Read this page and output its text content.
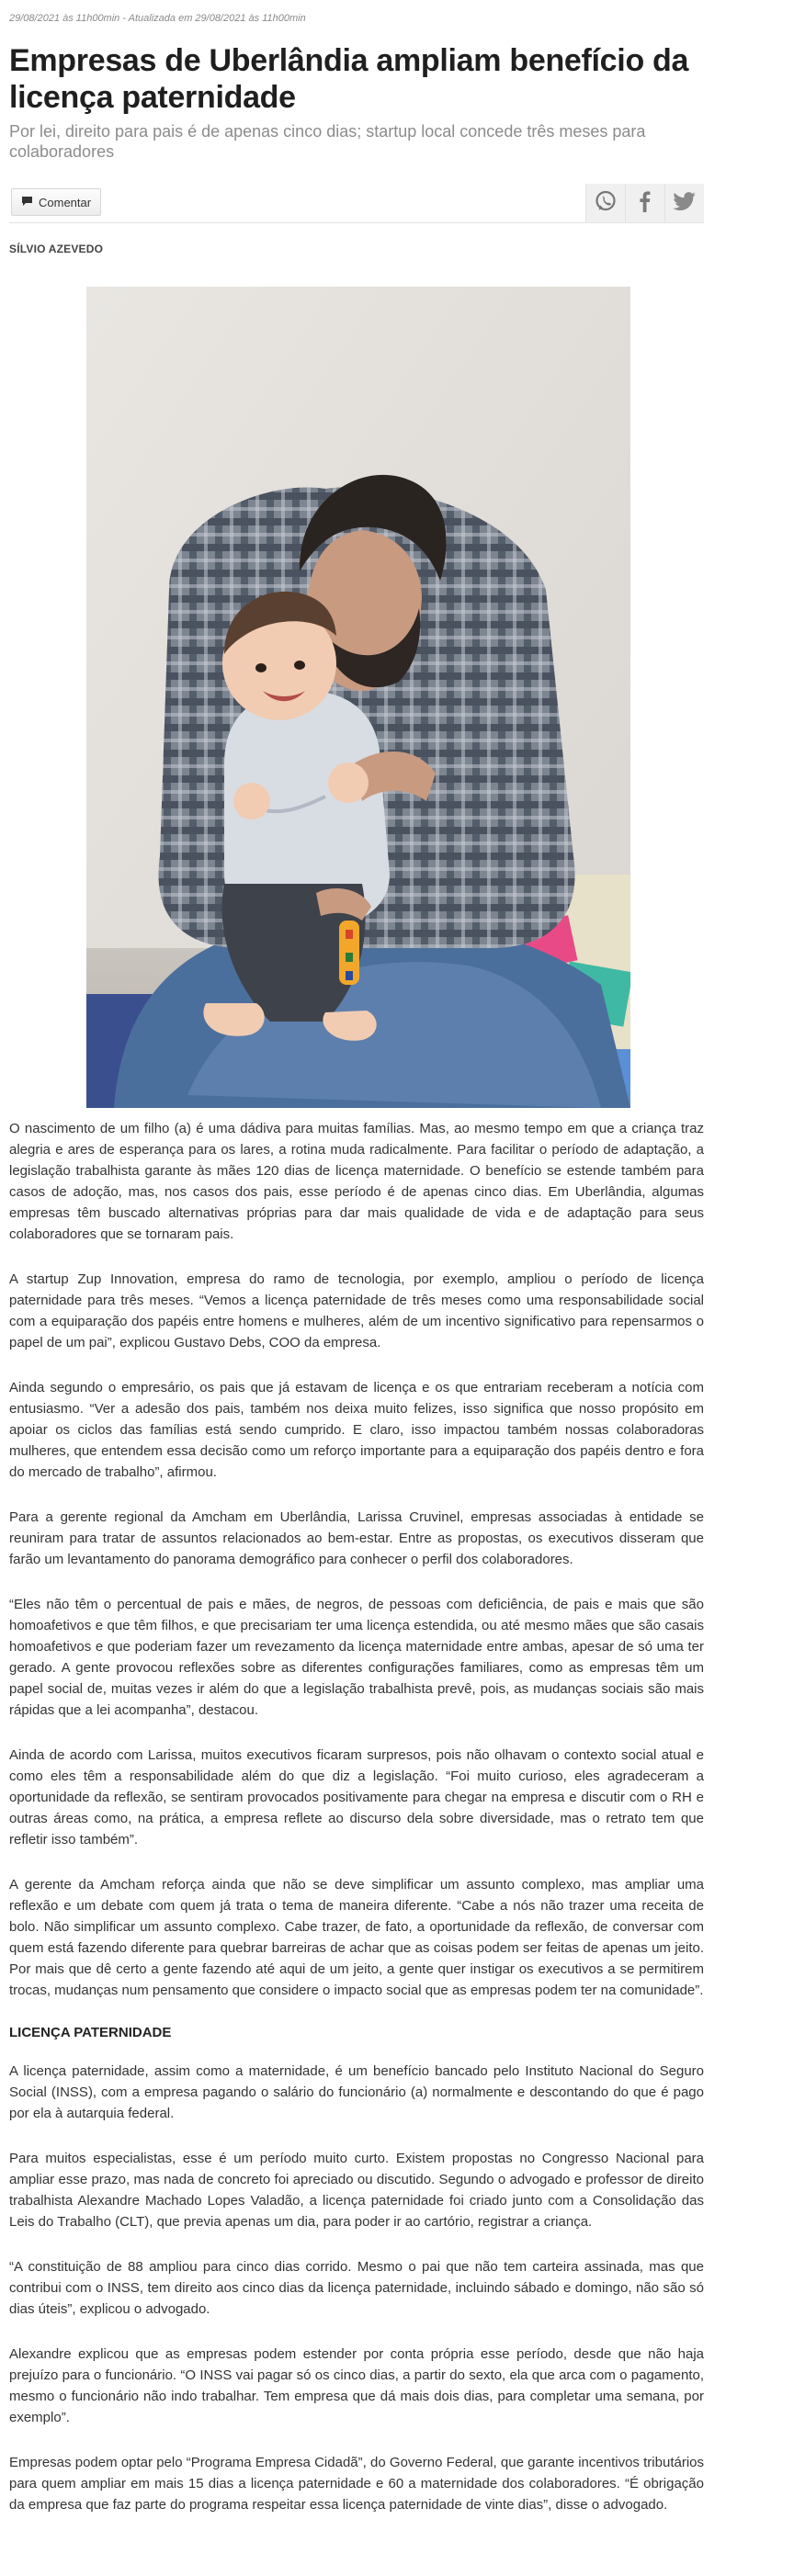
29/08/2021 às 11h00min - Atualizada em 29/08/2021 às 11h00min
Empresas de Uberlândia ampliam benefício da licença paternidade
Por lei, direito para pais é de apenas cinco dias; startup local concede três meses para colaboradores
Comentar
SÍLVIO AZEVEDO

O nascimento de um filho (a) é uma dádiva para muitas famílias. Mas, ao mesmo tempo em que a criança traz alegria e ares de esperança para os lares, a rotina muda radicalmente. Para facilitar o período de adaptação, a legislação trabalhista garante às mães 120 dias de licença maternidade. O benefício se estende também para casos de adoção, mas, nos casos dos pais, esse período é de apenas cinco dias. Em Uberlândia, algumas empresas têm buscado alternativas próprias para dar mais qualidade de vida e de adaptação para seus colaboradores que se tornaram pais.

A startup Zup Innovation, empresa do ramo de tecnologia, por exemplo, ampliou o período de licença paternidade para três meses. “Vemos a licença paternidade de três meses como uma responsabilidade social com a equiparação dos papéis entre homens e mulheres, além de um incentivo significativo para repensarmos o papel de um pai”, explicou Gustavo Debs, COO da empresa.

Ainda segundo o empresário, os pais que já estavam de licença e os que entrariam receberam a notícia com entusiasmo. “Ver a adesão dos pais, também nos deixa muito felizes, isso significa que nosso propósito em apoiar os ciclos das famílias está sendo cumprido. E claro, isso impactou também nossas colaboradoras mulheres, que entendem essa decisão como um reforço importante para a equiparação dos papéis dentro e fora do mercado de trabalho”, afirmou.

Para a gerente regional da Amcham em Uberlândia, Larissa Cruvinel, empresas associadas à entidade se reuniram para tratar de assuntos relacionados ao bem-estar. Entre as propostas, os executivos disseram que farão um levantamento do panorama demográfico para conhecer o perfil dos colaboradores.

“Eles não têm o percentual de pais e mães, de negros, de pessoas com deficiência, de pais e mais que são homoafetivos e que têm filhos, e que precisariam ter uma licença estendida, ou até mesmo mães que são casais homoafetivos e que poderiam fazer um revezamento da licença maternidade entre ambas, apesar de só uma ter gerado. A gente provocou reflexões sobre as diferentes configurações familiares, como as empresas têm um papel social de, muitas vezes ir além do que a legislação trabalhista prevê, pois, as mudanças sociais são mais rápidas que a lei acompanha”, destacou.

Ainda de acordo com Larissa, muitos executivos ficaram surpresos, pois não olhavam o contexto social atual e como eles têm a responsabilidade além do que diz a legislação. “Foi muito curioso, eles agradeceram a oportunidade da reflexão, se sentiram provocados positivamente para chegar na empresa e discutir com o RH e outras áreas como, na prática, a empresa reflete ao discurso dela sobre diversidade, mas o retrato tem que refletir isso também”.

A gerente da Amcham reforça ainda que não se deve simplificar um assunto complexo, mas ampliar uma reflexão e um debate com quem já trata o tema de maneira diferente. “Cabe a nós não trazer uma receita de bolo. Não simplificar um assunto complexo. Cabe trazer, de fato, a oportunidade da reflexão, de conversar com quem está fazendo diferente para quebrar barreiras de achar que as coisas podem ser feitas de apenas um jeito. Por mais que dê certo a gente fazendo até aqui de um jeito, a gente quer instigar os executivos a se permitirem trocas, mudanças num pensamento que considere o impacto social que as empresas podem ter na comunidade”.

LICENÇA PATERNIDADE

A licença paternidade, assim como a maternidade, é um benefício bancado pelo Instituto Nacional do Seguro Social (INSS), com a empresa pagando o salário do funcionário (a) normalmente e descontando do que é pago por ela à autarquia federal.

Para muitos especialistas, esse é um período muito curto. Existem propostas no Congresso Nacional para ampliar esse prazo, mas nada de concreto foi apreciado ou discutido. Segundo o advogado e professor de direito trabalhista Alexandre Machado Lopes Valadão, a licença paternidade foi criado junto com a Consolidação das Leis do Trabalho (CLT), que previa apenas um dia, para poder ir ao cartório, registrar a criança.

“A constituição de 88 ampliou para cinco dias corrido. Mesmo o pai que não tem carteira assinada, mas que contribui com o INSS, tem direito aos cinco dias da licença paternidade, incluindo sábado e domingo, não são só dias úteis”, explicou o advogado.

Alexandre explicou que as empresas podem estender por conta própria esse período, desde que não haja prejuízo para o funcionário. “O INSS vai pagar só os cinco dias, a partir do sexto, ela que arca com o pagamento, mesmo o funcionário não indo trabalhar. Tem empresa que dá mais dois dias, para completar uma semana, por exemplo”.

Empresas podem optar pelo “Programa Empresa Cidadã”, do Governo Federal, que garante incentivos tributários para quem ampliar em mais 15 dias a licença paternidade e 60 a maternidade dos colaboradores. “É obrigação da empresa que faz parte do programa respeitar essa licença paternidade de vinte dias”, disse o advogado.
